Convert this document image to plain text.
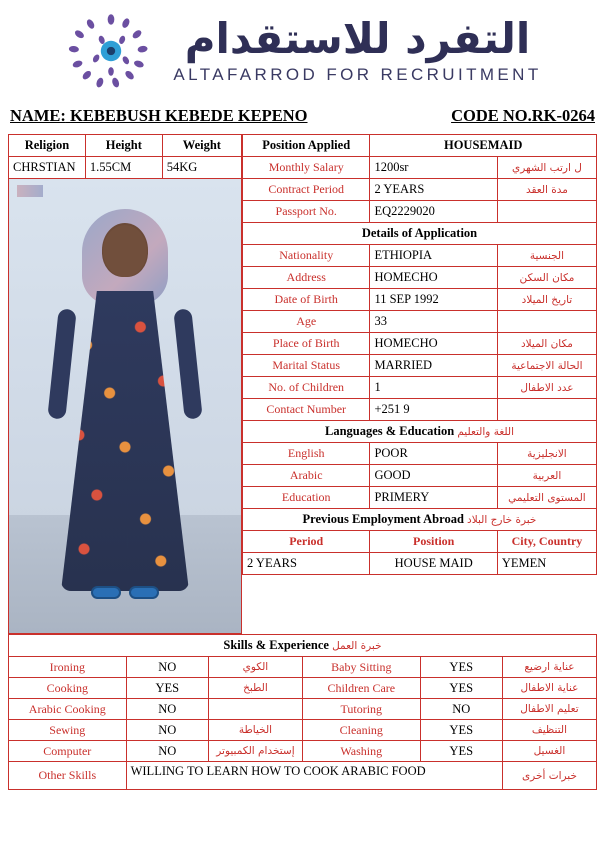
التفرد للاستقدام
ALTAFARROD FOR RECRUITMENT
NAME: KEBEBUSH KEBEDE KEPENO	CODE NO.RK-0264
Religion	Height	Weight
CHRSTIAN	1.55CM	54KG

Position Applied	HOUSEMAID	
Monthly Salary	1200sr	ل ارتب الشهري
Contract Period	2 YEARS	مدة العقد
Passport No.	EQ2229020	
Details of Application		
Nationality	ETHIOPIA	الجنسية
Address	HOMECHO	مكان السكن
Date of Birth	11 SEP 1992	تاريخ الميلاد
Age	33	
Place of Birth	HOMECHO	مكان الميلاد
Marital Status	MARRIED	الحالة الاجتماعية
No. of Children	1	عدد الاطفال
Contact Number	+251 9	
Languages & Education اللغة والتعليم		
English	POOR	الانجليزية
Arabic	GOOD	العربية
Education	PRIMERY	المستوى التعليمي
Previous Employment Abroad خبرة خارج البلاد		
Period	Position	City, Country
2 YEARS	HOUSE MAID	YEMEN
Skills & Experience خبرة العمل					
Ironing	NO	الكوي	Baby Sitting	YES	عناية ارضيع
Cooking	YES	الطبخ	Children Care	YES	عناية الاطفال
Arabic Cooking	NO		Tutoring	NO	تعليم الاطفال
Sewing	NO	الخياطة	Cleaning	YES	التنظيف
Computer	NO	إستخدام الكمبيوتر	Washing	YES	الغسيل
Other Skills	WILLING TO LEARN HOW TO COOK ARABIC FOOD				خبرات أخرى
